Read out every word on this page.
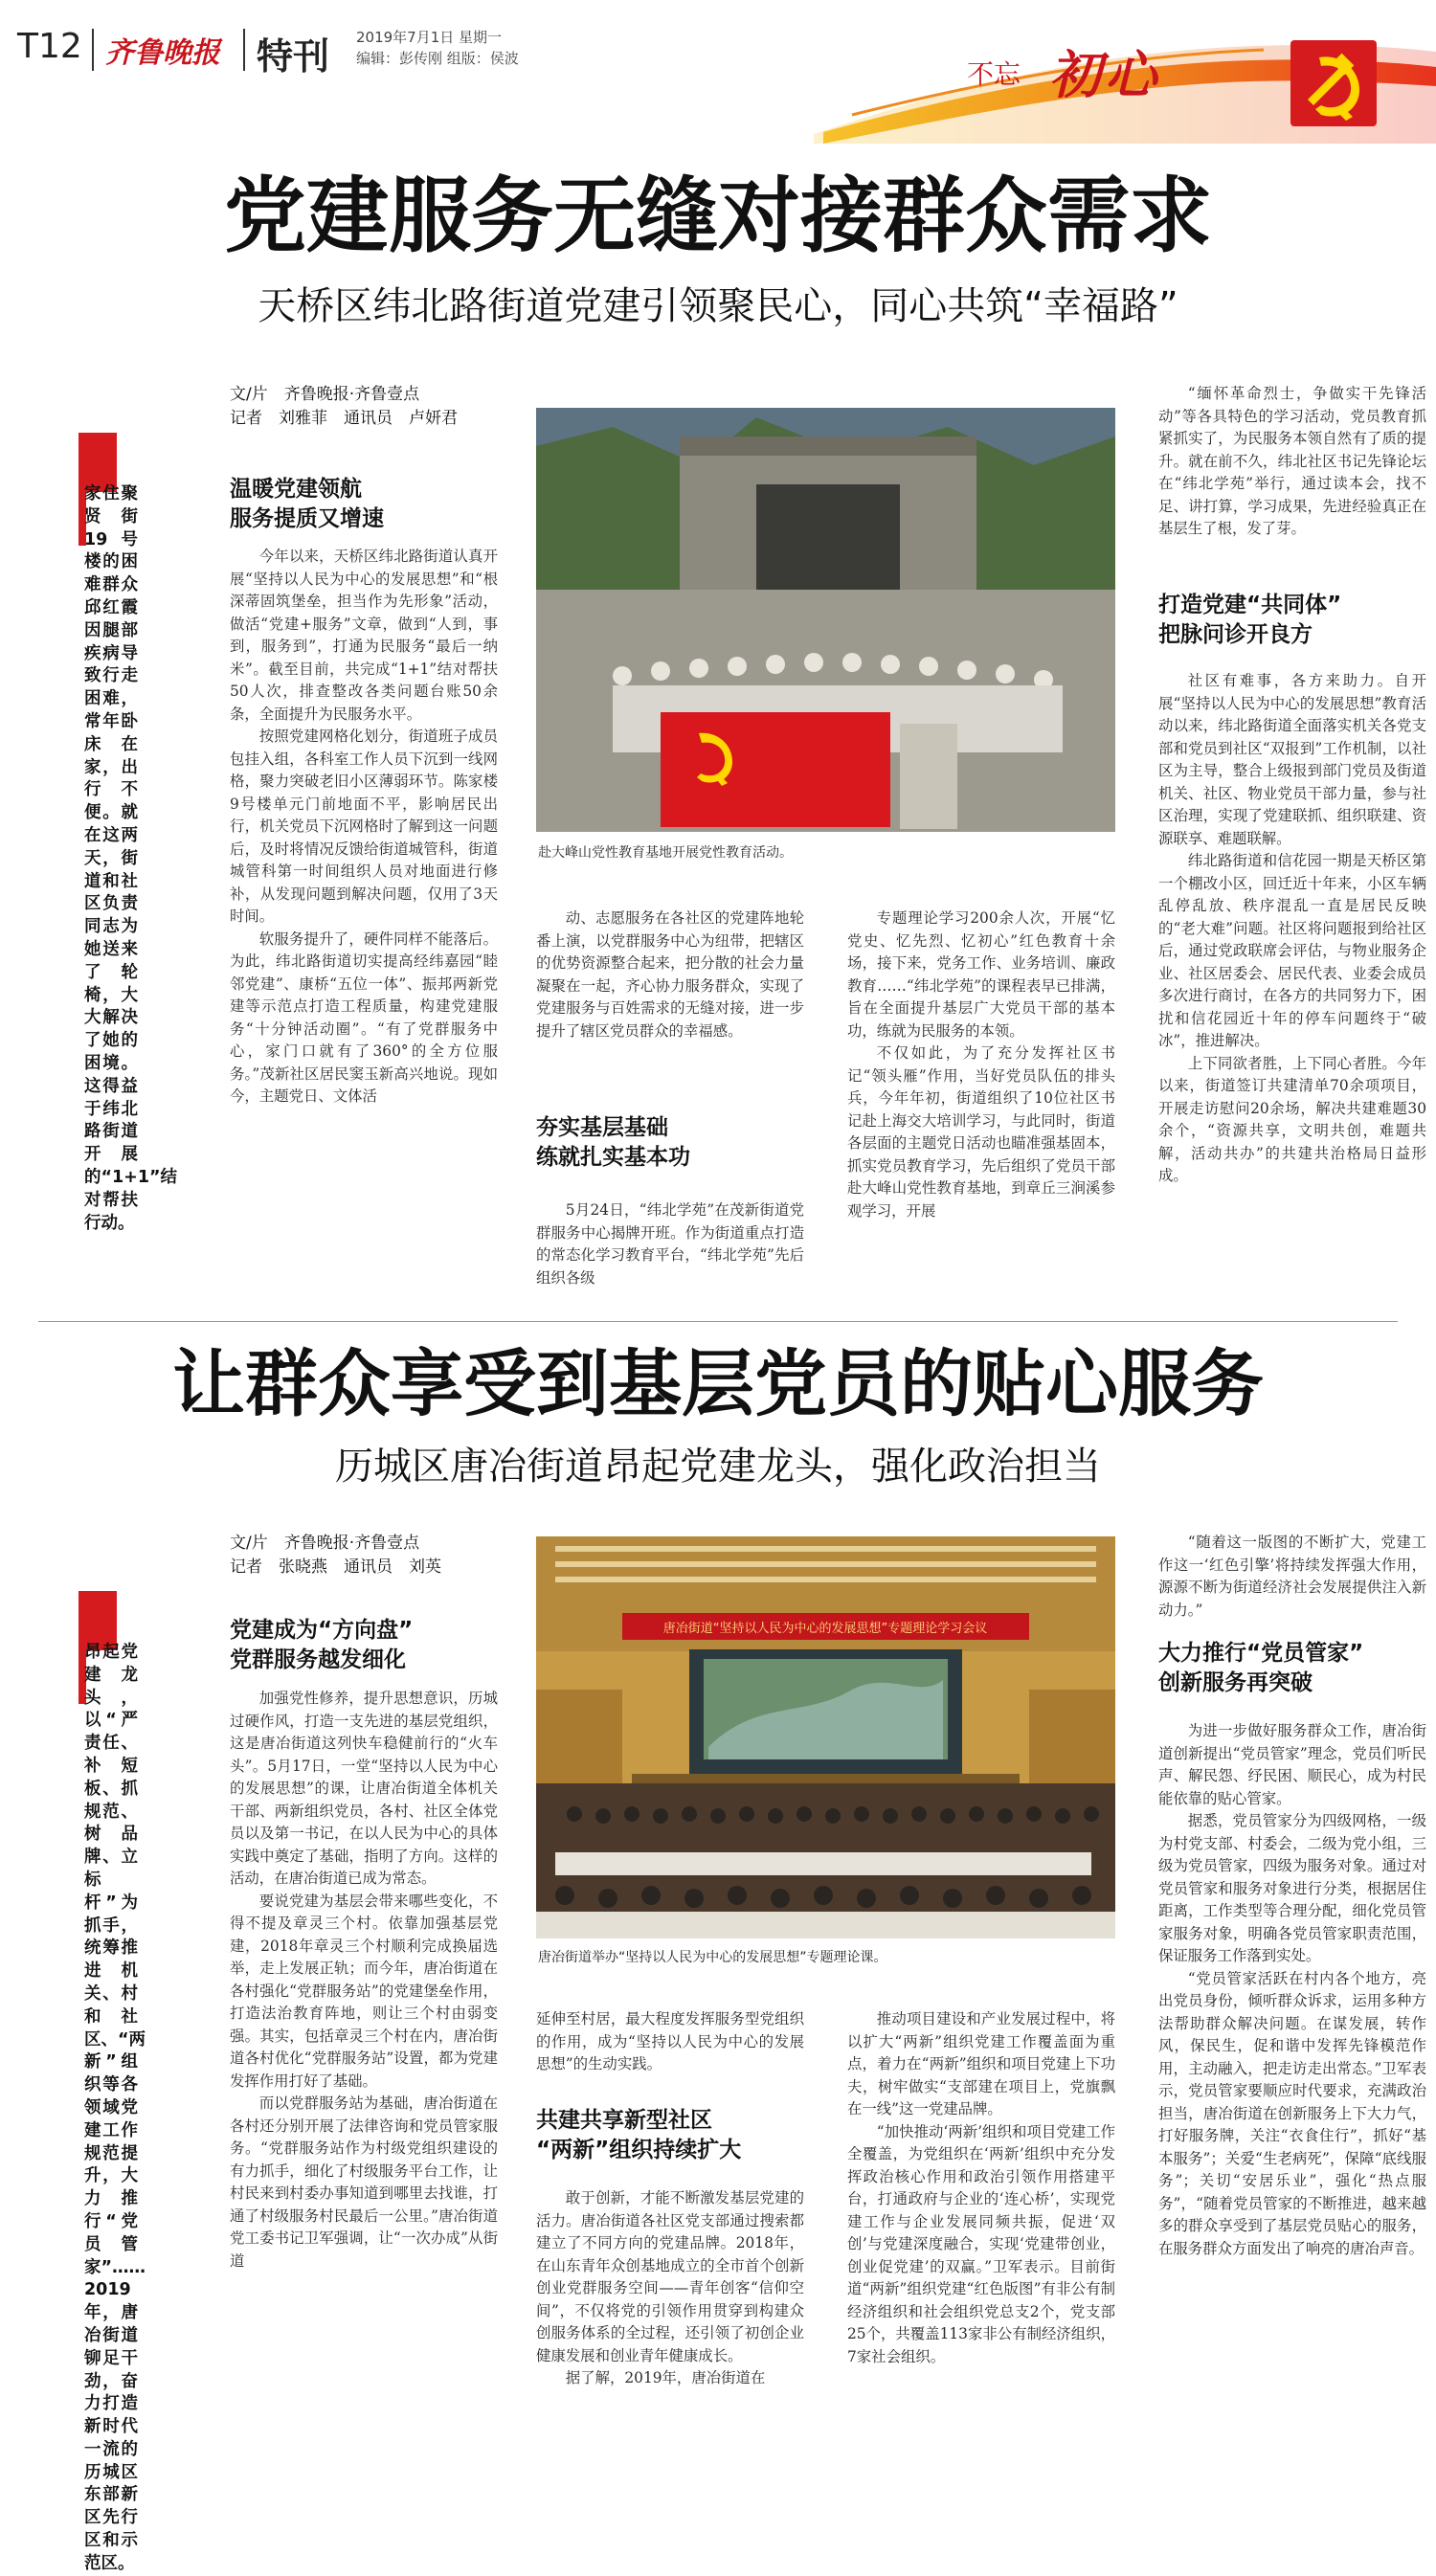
T12 齐鲁晚报 特刊 2019年7月1日 星期一
编辑：彭传刚 组版：侯波	不忘 初心
党建服务无缝对接群众需求
天桥区纬北路街道党建引领聚民心，同心共筑“幸福路”
家住聚贤街19号楼的困难群众邱红霞因腿部疾病导致行走困难，常年卧床在家，出行不便。就在这两天，街道和社区负责同志为她送来了轮椅，大大解决了她的困境。这得益于纬北路街道开展的“1+1”结对帮扶行动。
文/片　齐鲁晚报·齐鲁壹点
记者　刘雅菲　通讯员　卢妍君
温暖党建领航
服务提质又增速

今年以来，天桥区纬北路街道认真开展“坚持以人民为中心的发展思想”和“根深蒂固筑堡垒，担当作为先形象”活动，做活“党建+服务”文章，做到“人到，事到，服务到”，打通为民服务“最后一纳米”。截至目前，共完成“1+1”结对帮扶50人次，排查整改各类问题台账50余条，全面提升为民服务水平。

按照党建网格化划分，街道班子成员包挂入组，各科室工作人员下沉到一线网格，聚力突破老旧小区薄弱环节。陈家楼9号楼单元门前地面不平，影响居民出行，机关党员下沉网格时了解到这一问题后，及时将情况反馈给街道城管科，街道城管科第一时间组织人员对地面进行修补，从发现问题到解决问题，仅用了3天时间。

软服务提升了，硬件同样不能落后。为此，纬北路街道切实提高经纬嘉园“睦邻党建”、康桥“五位一体”、振邦两新党建等示范点打造工程质量，构建党建服务“十分钟活动圈”。“有了党群服务中心，家门口就有了360°的全方位服务。”茂新社区居民窦玉新高兴地说。现如今，主题党日、文体活

赴大峰山党性教育基地开展党性教育活动。

动、志愿服务在各社区的党建阵地轮番上演，以党群服务中心为纽带，把辖区的优势资源整合起来，把分散的社会力量凝聚在一起，齐心协力服务群众，实现了党建服务与百姓需求的无缝对接，进一步提升了辖区党员群众的幸福感。

夯实基层基础
练就扎实基本功

5月24日，“纬北学苑”在茂新街道党群服务中心揭牌开班。作为街道重点打造的常态化学习教育平台，“纬北学苑”先后组织各级

专题理论学习200余人次，开展“忆党史、忆先烈、忆初心”红色教育十余场，接下来，党务工作、业务培训、廉政教育……“纬北学苑”的课程表早已排满，旨在全面提升基层广大党员干部的基本功，练就为民服务的本领。

不仅如此，为了充分发挥社区书记“领头雁”作用，当好党员队伍的排头兵，今年年初，街道组织了10位社区书记赴上海交大培训学习，与此同时，街道各层面的主题党日活动也瞄准强基固本，抓实党员教育学习，先后组织了党员干部赴大峰山党性教育基地，到章丘三涧溪参观学习，开展

“缅怀革命烈士，争做实干先锋活动”等各具特色的学习活动，党员教育抓紧抓实了，为民服务本领自然有了质的提升。就在前不久，纬北社区书记先锋论坛在“纬北学苑”举行，通过读本会，找不足、讲打算，学习成果，先进经验真正在基层生了根，发了芽。

打造党建“共同体”
把脉问诊开良方

社区有难事，各方来助力。自开展“坚持以人民为中心的发展思想”教育活动以来，纬北路街道全面落实机关各党支部和党员到社区“双报到”工作机制，以社区为主导，整合上级报到部门党员及街道机关、社区、物业党员干部力量，参与社区治理，实现了党建联抓、组织联建、资源联享、难题联解。

纬北路街道和信花园一期是天桥区第一个棚改小区，回迁近十年来，小区车辆乱停乱放、秩序混乱一直是居民反映的“老大难”问题。社区将问题报到给社区后，通过党政联席会评估，与物业服务企业、社区居委会、居民代表、业委会成员多次进行商讨，在各方的共同努力下，困扰和信花园近十年的停车问题终于“破冰”，推进解决。

上下同欲者胜，上下同心者胜。今年以来，街道签订共建清单70余项项目，开展走访慰问20余场，解决共建难题30余个，“资源共享，文明共创，难题共解，活动共办”的共建共治格局日益形成。

让群众享受到基层党员的贴心服务
历城区唐冶街道昂起党建龙头，强化政治担当
昂起党建龙头，以“严责任、补短板、抓规范、树品牌、立标杆”为抓手，统筹推进机关、村和社区、“两新”组织等各领域党建工作规范提升，大力推行“党员管家”……2019年，唐冶街道铆足干劲，奋力打造新时代一流的历城区东部新区先行区和示范区。
文/片　齐鲁晚报·齐鲁壹点
记者　张晓燕　通讯员　刘英
党建成为“方向盘”
党群服务越发细化

加强党性修养，提升思想意识，历城过硬作风，打造一支先进的基层党组织，这是唐冶街道这列快车稳健前行的“火车头”。5月17日，一堂“坚持以人民为中心的发展思想”的课，让唐冶街道全体机关干部、两新组织党员，各村、社区全体党员以及第一书记，在以人民为中心的具体实践中奠定了基础，指明了方向。这样的活动，在唐冶街道已成为常态。

要说党建为基层会带来哪些变化，不得不提及章灵三个村。依靠加强基层党建，2018年章灵三个村顺利完成换届选举，走上发展正轨；而今年，唐冶街道在各村强化“党群服务站”的党建堡垒作用，打造法治教育阵地，则让三个村由弱变强。其实，包括章灵三个村在内，唐冶街道各村优化“党群服务站”设置，都为党建发挥作用打好了基础。

而以党群服务站为基础，唐冶街道在各村还分别开展了法律咨询和党员管家服务。“党群服务站作为村级党组织建设的有力抓手，细化了村级服务平台工作，让村民来到村委办事知道到哪里去找谁，打通了村级服务村民最后一公里。”唐冶街道党工委书记卫军强调，让“一次办成”从街道

唐冶街道“坚持以人民为中心的发展思想”专题理论学习会议
唐冶街道举办“坚持以人民为中心的发展思想”专题理论课。

延伸至村居，最大程度发挥服务型党组织的作用，成为“坚持以人民为中心的发展思想”的生动实践。

共建共享新型社区
“两新”组织持续扩大

敢于创新，才能不断激发基层党建的活力。唐冶街道各社区党支部通过搜索都建立了不同方向的党建品牌。2018年，在山东青年众创基地成立的全市首个创新创业党群服务空间——青年创客“信仰空间”，不仅将党的引领作用贯穿到构建众创服务体系的全过程，还引领了初创企业健康发展和创业青年健康成长。

据了解，2019年，唐冶街道在

推动项目建设和产业发展过程中，将以扩大“两新”组织党建工作覆盖面为重点，着力在“两新”组织和项目党建上下功夫，树牢做实“支部建在项目上，党旗飘在一线”这一党建品牌。

“加快推动‘两新’组织和项目党建工作全覆盖，为党组织在‘两新’组织中充分发挥政治核心作用和政治引领作用搭建平台，打通政府与企业的‘连心桥’，实现党建工作与企业发展同频共振，促进‘双创’与党建深度融合，实现‘党建带创业，创业促党建’的双赢。”卫军表示。目前街道“两新”组织党建“红色版图”有非公有制经济组织和社会组织党总支2个，党支部25个，共覆盖113家非公有制经济组织，7家社会组织。

“随着这一版图的不断扩大，党建工作这一‘红色引擎’将持续发挥强大作用，源源不断为街道经济社会发展提供注入新动力。”

大力推行“党员管家”
创新服务再突破

为进一步做好服务群众工作，唐冶街道创新提出“党员管家”理念，党员们听民声、解民怨、纾民困、顺民心，成为村民能依靠的贴心管家。

据悉，党员管家分为四级网格，一级为村党支部、村委会，二级为党小组，三级为党员管家，四级为服务对象。通过对党员管家和服务对象进行分类，根据居住距离，工作类型等合理分配，细化党员管家服务对象，明确各党员管家职责范围，保证服务工作落到实处。

“党员管家活跃在村内各个地方，亮出党员身份，倾听群众诉求，运用多种方法帮助群众解决问题。在谋发展，转作风，保民生，促和谐中发挥先锋模范作用，主动融入，把走访走出常态。”卫军表示，党员管家要顺应时代要求，充满政治担当，唐冶街道在创新服务上下大力气，打好服务牌，关注“衣食住行”，抓好“基本服务”；关爱“生老病死”，保障“底线服务”；关切“安居乐业”，强化“热点服务”，“随着党员管家的不断推进，越来越多的群众享受到了基层党员贴心的服务，在服务群众方面发出了响亮的唐冶声音。
